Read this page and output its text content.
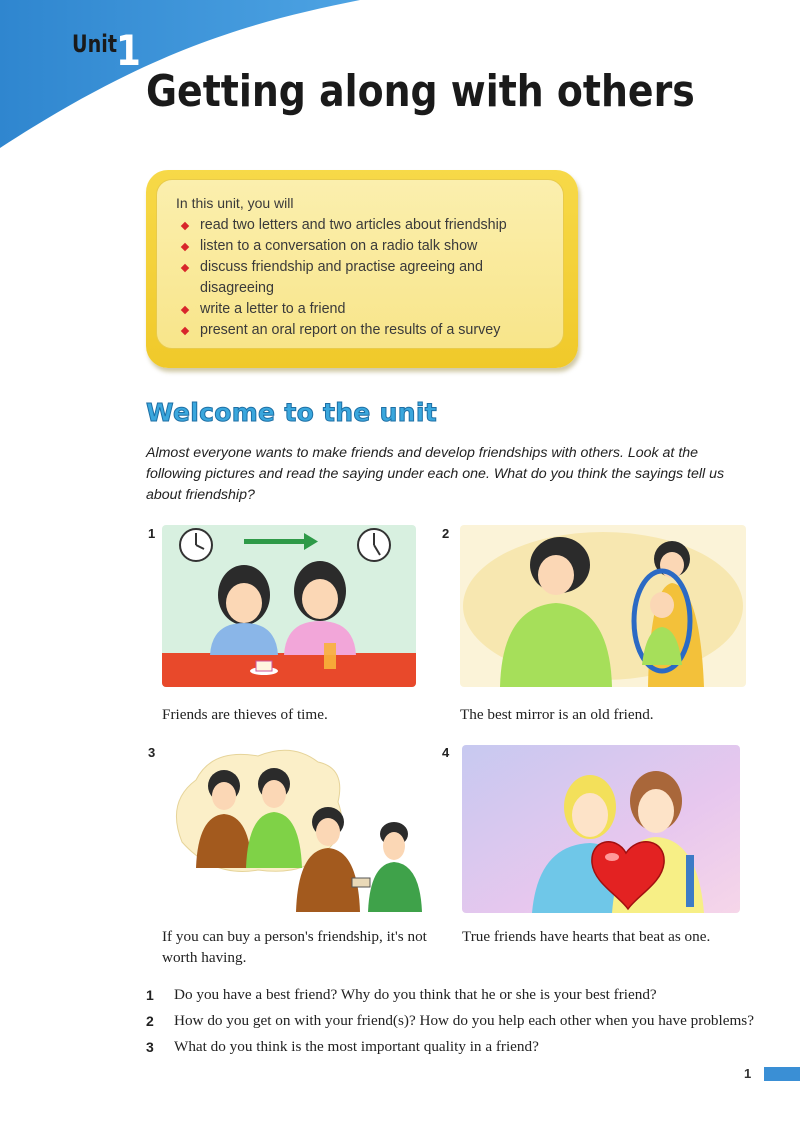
Unit
1
Getting along with others
In this unit, you will
read two letters and two articles about friendship
listen to a conversation on a radio talk show
discuss friendship and practise agreeing and disagreeing
write a letter to a friend
present an oral report on the results of a survey
Welcome to the unit
Almost everyone wants to make friends and develop friendships with others. Look at the following pictures and read the saying under each one. What do you think the sayings tell us about friendship?
1
Friends are thieves of time.
2
The best mirror is an old friend.
3
If you can buy a person's friendship, it's not worth having.
4
True friends have hearts that beat as one.
1 Do you have a best friend? Why do you think that he or she is your best friend?
2 How do you get on with your friend(s)? How do you help each other when you have problems?
3 What do you think is the most important quality in a friend?
1
